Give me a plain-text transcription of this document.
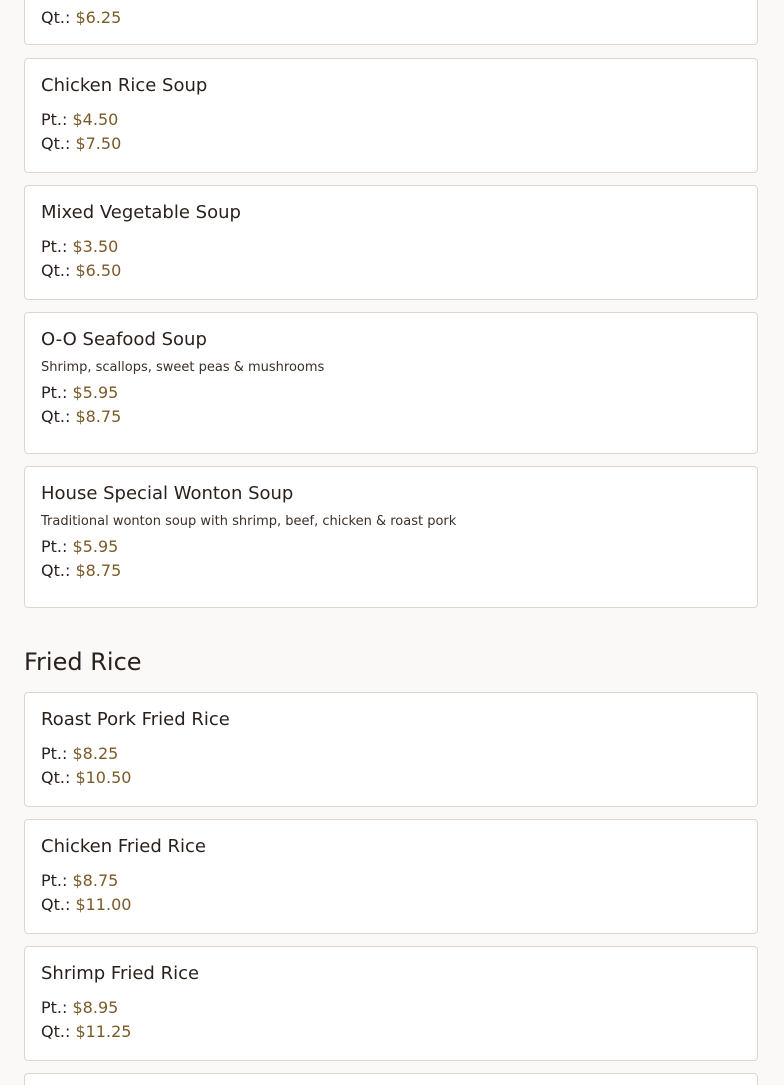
Qt.: $6.25
Chicken Rice Soup
Pt.: $4.50
Qt.: $7.50
Mixed Vegetable Soup
Pt.: $3.50
Qt.: $6.50
O-O Seafood Soup
Shrimp, scallops, sweet peas & mushrooms
Pt.: $5.95
Qt.: $8.75
House Special Wonton Soup
Traditional wonton soup with shrimp, beef, chicken & roast pork
Pt.: $5.95
Qt.: $8.75
Fried Rice
Roast Pork Fried Rice
Pt.: $8.25
Qt.: $10.50
Chicken Fried Rice
Pt.: $8.75
Qt.: $11.00
Shrimp Fried Rice
Pt.: $8.95
Qt.: $11.25
